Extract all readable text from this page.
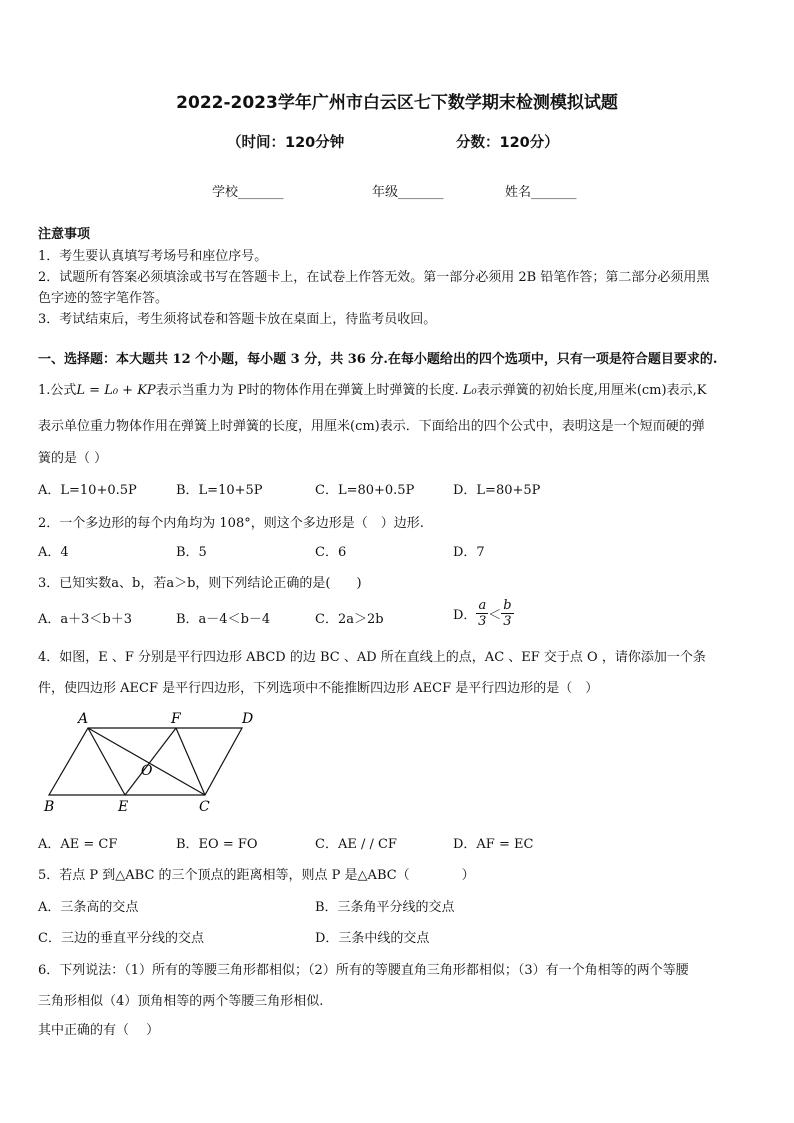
2022-2023学年广州市白云区七下数学期末检测模拟试题
（时间：120分钟	分数：120分）
学校_______	年级_______	姓名_______
注意事项
1．考生要认真填写考场号和座位序号。
2．试题所有答案必须填涂或书写在答题卡上，在试卷上作答无效。第一部分必须用 2B 铅笔作答；第二部分必须用黑
色字迹的签字笔作答。
3．考试结束后，考生须将试卷和答题卡放在桌面上，待监考员收回。
一、选择题：本大题共 12 个小题，每小题 3 分，共 36 分.在每小题给出的四个选项中，只有一项是符合题目要求的.
1.公式L = L₀ + KP表示当重力为 P时的物体作用在弹簧上时弹簧的长度. L₀表示弹簧的初始长度,用厘米(cm)表示,K
表示单位重力物体作用在弹簧上时弹簧的长度，用厘米(cm)表示．下面给出的四个公式中，表明这是一个短而硬的弹
簧的是（ ）
A．L=10+0.5P	B．L=10+5P	C．L=80+0.5P	D．L=80+5P
2．一个多边形的每个内角均为 108°，则这个多边形是（　）边形.
A．4	B．5	C．6	D．7
3．已知实数a、b，若a＞b，则下列结论正确的是(　　)
A．a＋3＜b＋3	B．a－4＜b－4	C．2a＞2b	D． $\frac{a}{3} < \frac{b}{3}$
4．如图，E 、F 分别是平行四边形 ABCD 的边 BC 、AD 所在直线上的点，AC 、EF 交于点 O ，请你添加一个条
件，使四边形 AECF 是平行四边形，下列选项中不能推断四边形 AECF 是平行四边形的是（　）
A	F	D
O
B	E	C
A．AE = CF	B．EO = FO	C．AE / / CF	D．AF = EC
5．若点 P 到△ABC 的三个顶点的距离相等，则点 P 是△ABC（　　　　）
A．三条高的交点	B．三条角平分线的交点
C．三边的垂直平分线的交点	D．三条中线的交点
6．下列说法：（1）所有的等腰三角形都相似；（2）所有的等腰直角三角形都相似；（3）有一个角相等的两个等腰
三角形相似（4）顶角相等的两个等腰三角形相似.
其中正确的有（　 ）
